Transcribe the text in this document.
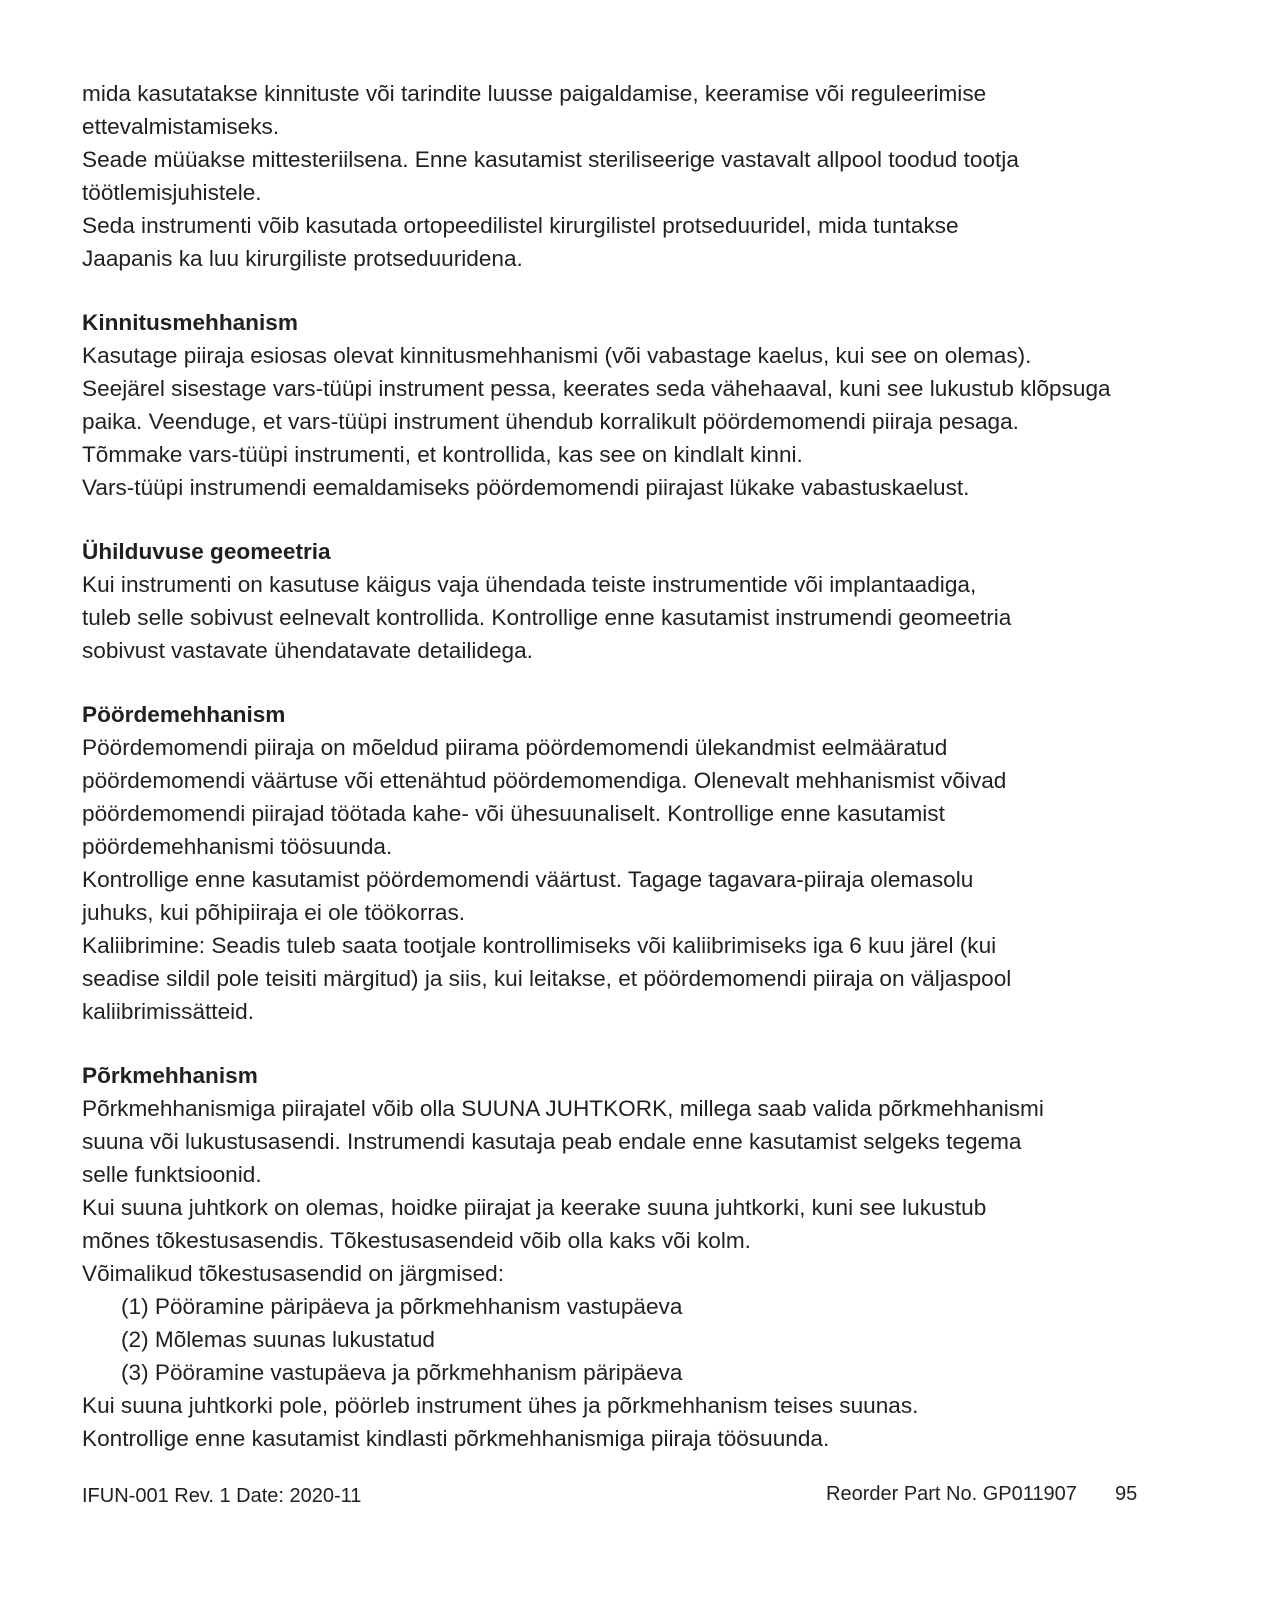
mida kasutatakse kinnituste või tarindite luusse paigaldamise, keeramise või reguleerimise
ettevalmistamiseks.
Seade müüakse mittesteriilsena. Enne kasutamist steriliseerige vastavalt allpool toodud tootja
töötlemisjuhistele.
Seda instrumenti võib kasutada ortopeedilistel kirurgilistel protseduuridel, mida tuntakse
Jaapanis ka luu kirurgiliste protseduuridena.
Kinnitusmehhanism
Kasutage piiraja esiosas olevat kinnitusmehhanismi (või vabastage kaelus, kui see on olemas).
Seejärel sisestage vars-tüüpi instrument pessa, keerates seda vähehaaval, kuni see lukustub klõpsuga
paika. Veenduge, et vars-tüüpi instrument ühendub korralikult pöördemomendi piiraja pesaga.
Tõmmake vars-tüüpi instrumenti, et kontrollida, kas see on kindlalt kinni.
Vars-tüüpi instrumendi eemaldamiseks pöördemomendi piirajast lükake vabastuskaelust.
Ühilduvuse geomeetria
Kui instrumenti on kasutuse käigus vaja ühendada teiste instrumentide või implantaadiga,
tuleb selle sobivust eelnevalt kontrollida. Kontrollige enne kasutamist instrumendi geomeetria
sobivust vastavate ühendatavate detailidega.
Pöördemehhanism
Pöördemomendi piiraja on mõeldud piirama pöördemomendi ülekandmist eelmääratud
pöördemomendi väärtuse või ettenähtud pöördemomendiga. Olenevalt mehhanismist võivad
pöördemomendi piirajad töötada kahe- või ühesuunaliselt. Kontrollige enne kasutamist
pöördemehhanismi töösuunda.
Kontrollige enne kasutamist pöördemomendi väärtust. Tagage tagavara-piiraja olemasolu
juhuks, kui põhipiiraja ei ole töökorras.
Kaliibrimine: Seadis tuleb saata tootjale kontrollimiseks või kaliibrimiseks iga 6 kuu järel (kui
seadise sildil pole teisiti märgitud) ja siis, kui leitakse, et pöördemomendi piiraja on väljaspool
kaliibrimissätteid.
Põrkmehhanism
Põrkmehhanismiga piirajatel võib olla SUUNA JUHTKORK, millega saab valida põrkmehhanismi
suuna või lukustusasendi. Instrumendi kasutaja peab endale enne kasutamist selgeks tegema
selle funktsioonid.
Kui suuna juhtkork on olemas, hoidke piirajat ja keerake suuna juhtkorki, kuni see lukustub
mõnes tõkestusasendis. Tõkestusasendeid võib olla kaks või kolm.
Võimalikud tõkestusasendid on järgmised:
(1) Pööramine päripäeva ja põrkmehhanism vastupäeva
(2) Mõlemas suunas lukustatud
(3) Pööramine vastupäeva ja põrkmehhanism päripäeva
Kui suuna juhtkorki pole, pöörleb instrument ühes ja põrkmehhanism teises suunas.
Kontrollige enne kasutamist kindlasti põrkmehhanismiga piiraja töösuunda.
IFUN-001 Rev. 1 Date: 2020-11	Reorder Part No. GP011907 95
